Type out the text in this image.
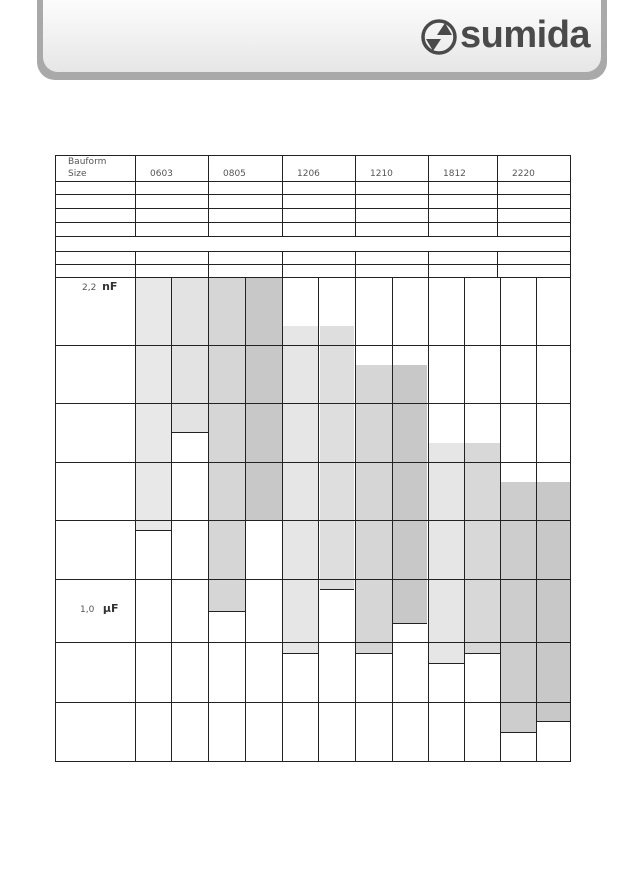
sumida
Bauform
Size	0603	0805	1206	1210	1812	2220
2,2 nF
1,0 µF
